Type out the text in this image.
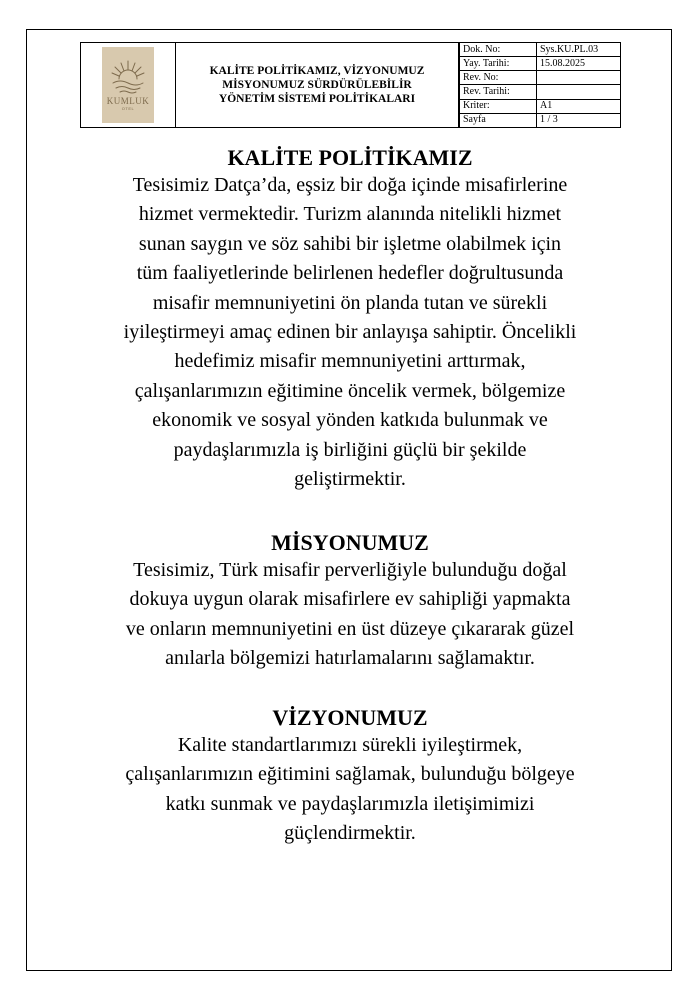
KUMLUK
OTEL
KALİTE POLİTİKAMIZ, VİZYONUMUZ
MİSYONUMUZ SÜRDÜRÜLEBİLİR
YÖNETİM SİSTEMİ POLİTİKALARI
Dok. No:	Sys.KU.PL.03
Yay. Tarihi:	15.08.2025
Rev. No:	
Rev. Tarihi:	
Kriter:	A1
Sayfa	1 / 3
KALİTE POLİTİKAMIZ
Tesisimiz Datça’da, eşsiz bir doğa içinde misafirlerine
hizmet vermektedir. Turizm alanında nitelikli hizmet
sunan saygın ve söz sahibi bir işletme olabilmek için
tüm faaliyetlerinde belirlenen hedefler doğrultusunda
misafir memnuniyetini ön planda tutan ve sürekli
iyileştirmeyi amaç edinen bir anlayışa sahiptir. Öncelikli
hedefimiz misafir memnuniyetini arttırmak,
çalışanlarımızın eğitimine öncelik vermek, bölgemize
ekonomik ve sosyal yönden katkıda bulunmak ve
paydaşlarımızla iş birliğini güçlü bir şekilde
geliştirmektir.
MİSYONUMUZ
Tesisimiz, Türk misafir perverliğiyle bulunduğu doğal
dokuya uygun olarak misafirlere ev sahipliği yapmakta
ve onların memnuniyetini en üst düzeye çıkararak güzel
anılarla bölgemizi hatırlamalarını sağlamaktır.
VİZYONUMUZ
Kalite standartlarımızı sürekli iyileştirmek,
çalışanlarımızın eğitimini sağlamak, bulunduğu bölgeye
katkı sunmak ve paydaşlarımızla iletişimimizi
güçlendirmektir.
